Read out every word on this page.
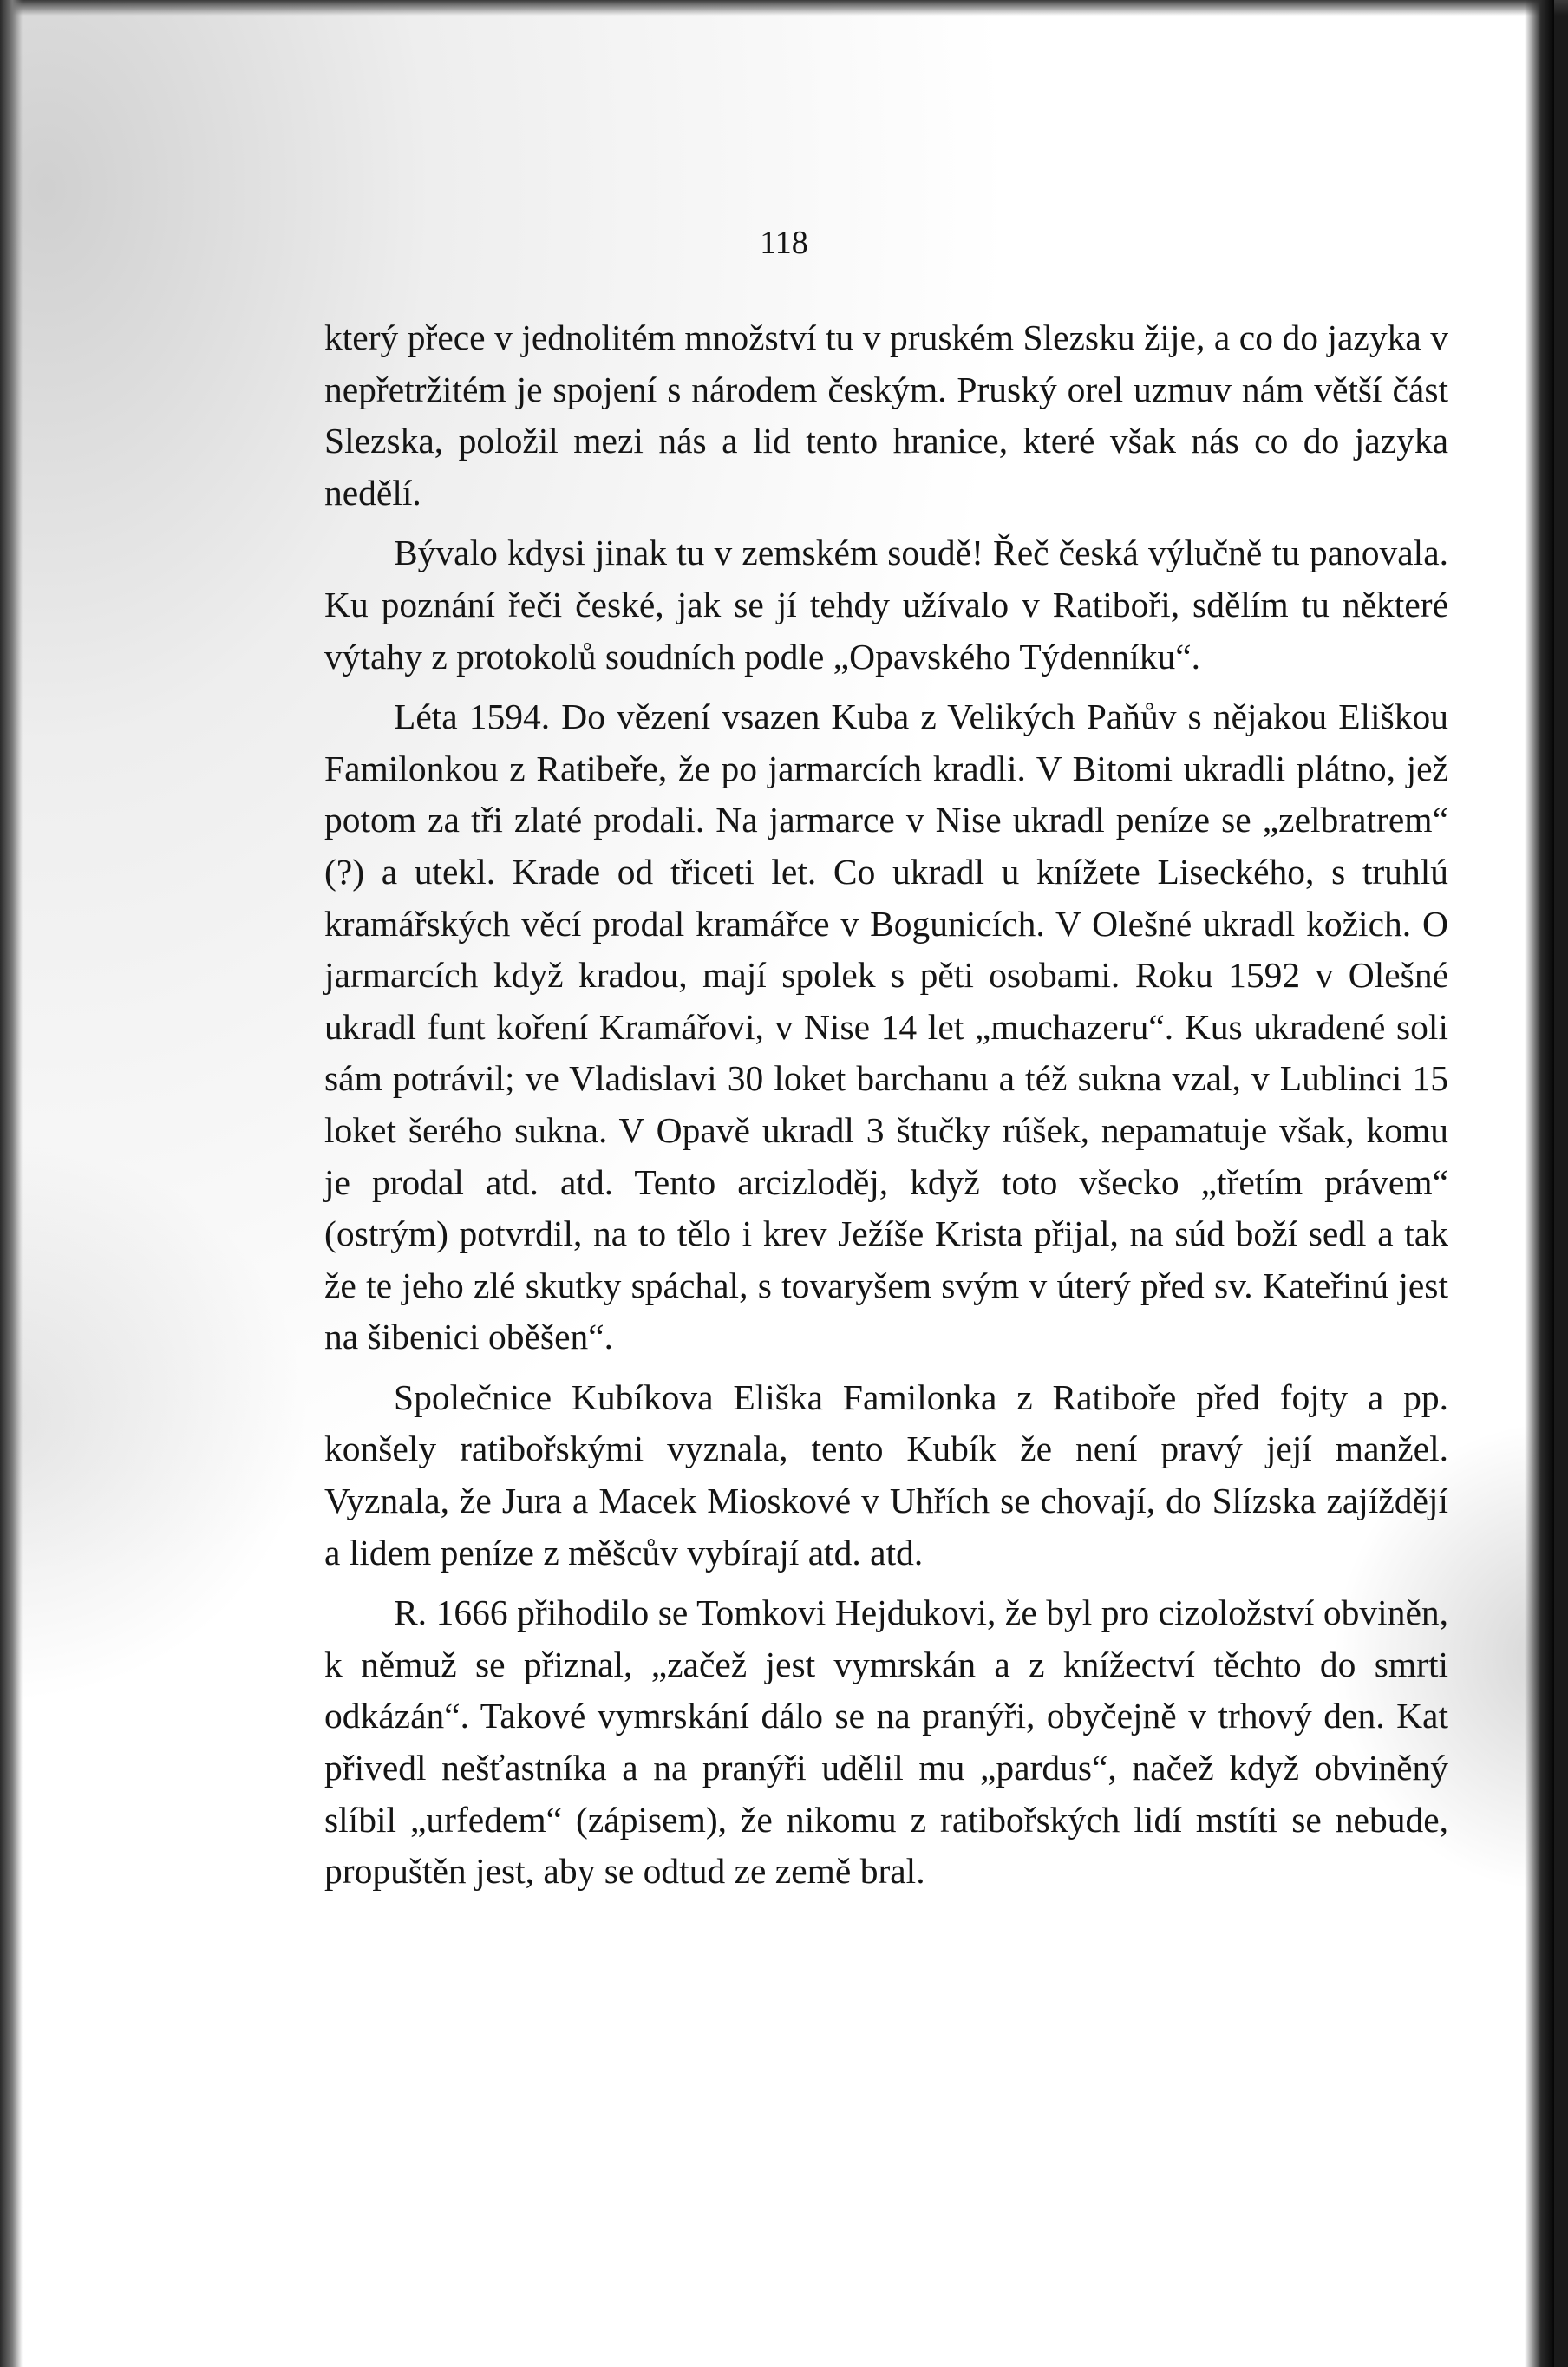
118

který přece v jednolitém množství tu v pruském Slezsku žije, a co do jazyka v nepřetržitém je spojení s národem českým. Pruský orel uzmuv nám větší část Slezska, položil mezi nás a lid tento hranice, které však nás co do jazyka nedělí.

Bývalo kdysi jinak tu v zemském soudě! Řeč česká výlučně tu panovala. Ku poznání řeči české, jak se jí tehdy užívalo v Ratiboři, sdělím tu některé výtahy z protokolů soudních podle „Opavského Týdenníku“.

Léta 1594. Do vězení vsazen Kuba z Velikých Paňův s nějakou Eliškou Familonkou z Ratibeře, že po jarmarcích kradli. V Bitomi ukradli plátno, jež potom za tři zlaté prodali. Na jarmarce v Nise ukradl peníze se „zelbratrem“ (?) a utekl. Krade od třiceti let. Co ukradl u knížete Liseckého, s truhlú kramářských věcí prodal kramářce v Bogunicích. V Olešné ukradl kožich. O jarmarcích když kradou, mají spolek s pěti osobami. Roku 1592 v Olešné ukradl funt koření Kramářovi, v Nise 14 let „muchazeru“. Kus ukradené soli sám potrávil; ve Vladislavi 30 loket barchanu a též sukna vzal, v Lublinci 15 loket šerého sukna. V Opavě ukradl 3 štučky rúšek, nepamatuje však, komu je prodal atd. atd. Tento arcizloděj, když toto všecko „třetím právem“ (ostrým) potvrdil, na to tělo i krev Ježíše Krista přijal, na súd boží sedl a tak že te jeho zlé skutky spáchal, s tovaryšem svým v úterý před sv. Kateřinú jest na šibenici oběšen“.

Společnice Kubíkova Eliška Familonka z Ratiboře před fojty a pp. konšely ratibořskými vyznala, tento Kubík že není pravý její manžel. Vyznala, že Jura a Macek Mioskové v Uhřích se chovají, do Slízska zajíždějí a lidem peníze z měšcův vybírají atd. atd.

R. 1666 přihodilo se Tomkovi Hejdukovi, že byl pro cizoložství obviněn, k němuž se přiznal, „začež jest vymrskán a z knížectví těchto do smrti odkázán“. Takové vymrskání dálo se na pranýři, obyčejně v trhový den. Kat přivedl nešťastníka a na pranýři udělil mu „pardus“, načež když obviněný slíbil „urfedem“ (zápisem), že nikomu z ratibořských lidí mstíti se nebude, propuštěn jest, aby se odtud ze země bral.
